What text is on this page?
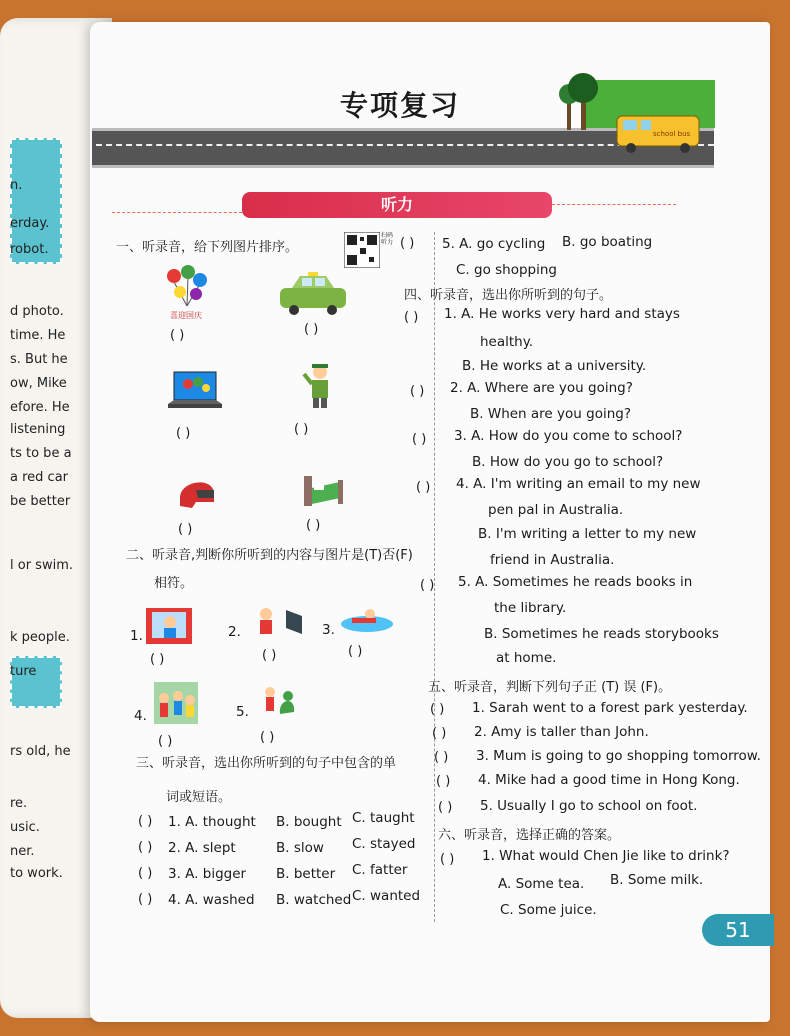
n.
erday.
robot.
d photo.
time. He
s. But he
ow, Mike
efore. He
listening
ts to be a
a red car
be better
l or swim.
k people.
ture
rs old, he
re.
usic.
ner.
to work.
school bus
专项复习
听力
一、听录音，给下列图片排序。
扫码听力
喜迎国庆
( )	( )
( )	( )
( )	( )
二、听录音,判断你所听到的内容与图片是(T)否(F)
相符。
1.
( )
2.
( )
3.
( )
4.
( )
5.
( )
三、听录音，选出你所听到的句子中包含的单
词或短语。
( ) 1. A. thought B. bought C. taught
( ) 2. A. slept	B. slow C. stayed
( ) 3. A. bigger B. better C. fatter
( ) 4. A. washed B. watched C. wanted
( ) 5. A. go cycling B. go boating
C. go shopping
四、听录音，选出你所听到的句子。
( ) 1. A. He works very hard and stays
healthy.
B. He works at a university.
( ) 2. A. Where are you going?
B. When are you going?
( ) 3. A. How do you come to school?
B. How do you go to school?
( ) 4. A. I'm writing an email to my new
pen pal in Australia.
B. I'm writing a letter to my new
friend in Australia.
( ) 5. A. Sometimes he reads books in
the library.
B. Sometimes he reads storybooks
at home.
五、听录音，判断下列句子正 (T) 误 (F)。
( ) 1. Sarah went to a forest park yesterday.
( ) 2. Amy is taller than John.
( ) 3. Mum is going to go shopping tomorrow.
( ) 4. Mike had a good time in Hong Kong.
( ) 5. Usually I go to school on foot.
六、听录音，选择正确的答案。
( ) 1. What would Chen Jie like to drink?
A. Some tea. B. Some milk.
C. Some juice.
51
